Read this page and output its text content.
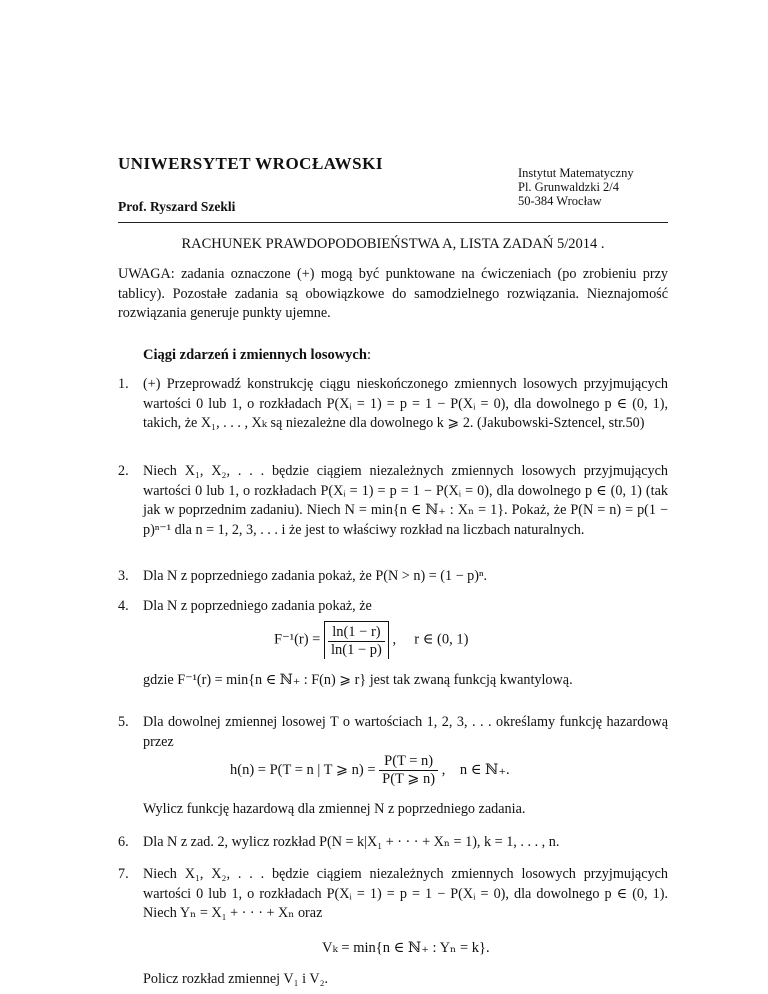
UNIWERSYTET WROCŁAWSKI
Prof. Ryszard Szekli
Instytut Matematyczny
Pl. Grunwaldzki 2/4
50-384 Wrocław
RACHUNEK PRAWDOPODOBIEŃSTWA A, LISTA ZADAŃ 5/2014 .
UWAGA: zadania oznaczone (+) mogą być punktowane na ćwiczeniach (po zrobieniu przy tablicy). Pozostałe zadania są obowiązkowe do samodzielnego rozwiązania. Nieznajomość rozwiązania generuje punkty ujemne.
Ciągi zdarzeń i zmiennych losowych:
1. (+) Przeprowadź konstrukcję ciągu nieskończonego zmiennych losowych przyjmujących wartości 0 lub 1, o rozkładach P(Xᵢ = 1) = p = 1 − P(Xᵢ = 0), dla dowolnego p ∈ (0, 1), takich, że X₁, . . . , Xₖ są niezależne dla dowolnego k ⩾ 2. (Jakubowski-Sztencel, str.50)
2. Niech X₁, X₂, . . . będzie ciągiem niezależnych zmiennych losowych przyjmujących wartości 0 lub 1, o rozkładach P(Xᵢ = 1) = p = 1 − P(Xᵢ = 0), dla dowolnego p ∈ (0, 1) (tak jak w poprzednim zadaniu). Niech N = min{n ∈ ℕ₊ : Xₙ = 1}. Pokaż, że P(N = n) = p(1 − p)ⁿ⁻¹ dla n = 1, 2, 3, . . . i że jest to właściwy rozkład na liczbach naturalnych.
3. Dla N z poprzedniego zadania pokaż, że P(N > n) = (1 − p)ⁿ.
4. Dla N z poprzedniego zadania pokaż, że
$F^{-1}(r) = \frac{\ln(1 - r)}{\ln(1 - p)}$ ,     r ∈ (0, 1)
gdzie F⁻¹(r) = min{n ∈ ℕ₊ : F(n) ⩾ r} jest tak zwaną funkcją kwantylową.
5. Dla dowolnej zmiennej losowej T o wartościach 1, 2, 3, . . . określamy funkcję hazardową przez
h(n) = P(T = n | T ⩾ $n) = \frac{P(T = n)}{P(T ⩾ n)}$ ,    n ∈ ℕ₊.
Wylicz funkcję hazardową dla zmiennej N z poprzedniego zadania.
6. Dla N z zad. 2, wylicz rozkład P(N = k|X₁ + · · · + Xₙ = 1), k = 1, . . . , n.
7. Niech X₁, X₂, . . . będzie ciągiem niezależnych zmiennych losowych przyjmujących wartości 0 lub 1, o rozkładach P(Xᵢ = 1) = p = 1 − P(Xᵢ = 0), dla dowolnego p ∈ (0, 1). Niech Yₙ = X₁ + · · · + Xₙ oraz
Vₖ = min{n ∈ ℕ₊ : Yₙ = k}.
Policz rozkład zmiennej V₁ i V₂.
